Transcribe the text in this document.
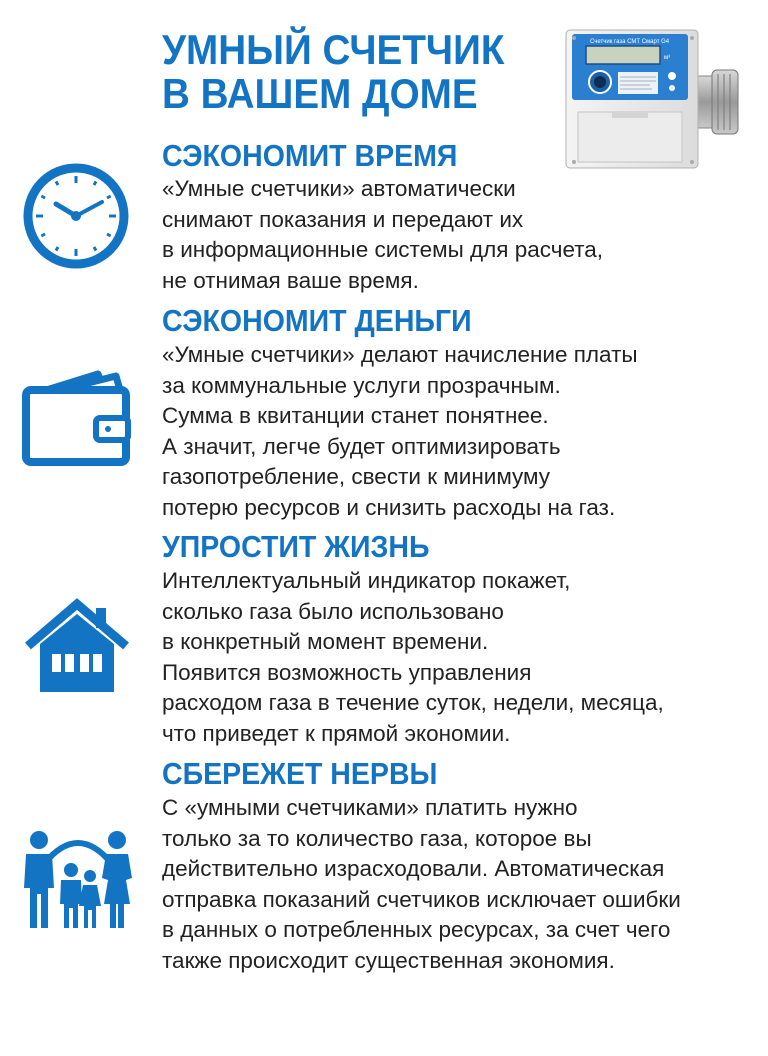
УМНЫЙ СЧЕТЧИК
В ВАШЕМ ДОМЕ
Счетчик газа СМТ Смарт G4
м³
СЭКОНОМИТ ВРЕМЯ
«Умные счетчики» автоматически
снимают показания и передают их
в информационные системы для расчета,
не отнимая ваше время.
СЭКОНОМИТ ДЕНЬГИ
«Умные счетчики» делают начисление платы
за коммунальные услуги прозрачным.
Сумма в квитанции станет понятнее.
А значит, легче будет оптимизировать
газопотребление, свести к минимуму
потерю ресурсов и снизить расходы на газ.
УПРОСТИТ ЖИЗНЬ
Интеллектуальный индикатор покажет,
сколько газа было использовано
в конкретный момент времени.
Появится возможность управления
расходом газа в течение суток, недели, месяца,
что приведет к прямой экономии.
СБЕРЕЖЕТ НЕРВЫ
С «умными счетчиками» платить нужно
только за то количество газа, которое вы
действительно израсходовали. Автоматическая
отправка показаний счетчиков исключает ошибки
в данных о потребленных ресурсах, за счет чего
также происходит существенная экономия.
